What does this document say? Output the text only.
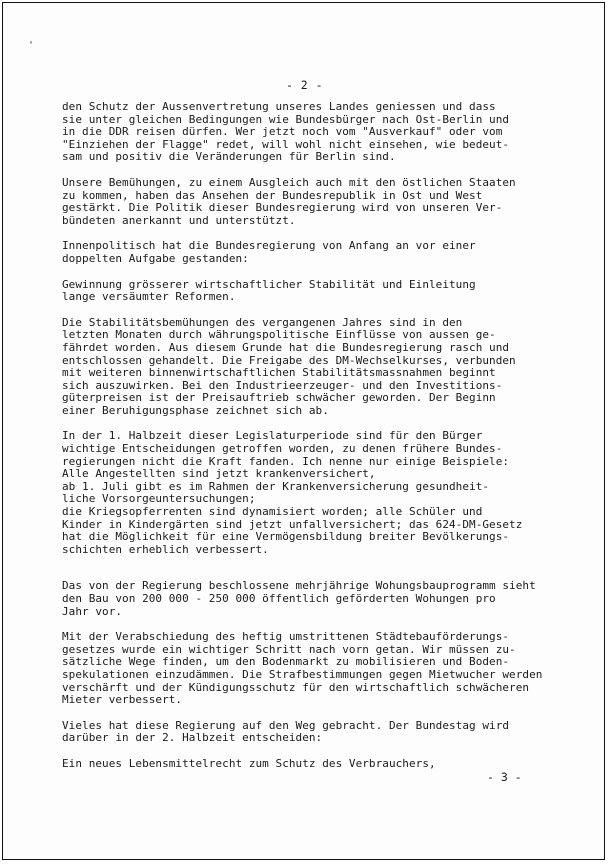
'
- 2 -

den Schutz der Aussenvertretung unseres Landes geniessen und dass
sie unter gleichen Bedingungen wie Bundesbürger nach Ost-Berlin und
in die DDR reisen dürfen. Wer jetzt noch vom "Ausverkauf" oder vom
"Einziehen der Flagge" redet, will wohl nicht einsehen, wie bedeut-
sam und positiv die Veränderungen für Berlin sind.

Unsere Bemühungen, zu einem Ausgleich auch mit den östlichen Staaten
zu kommen, haben das Ansehen der Bundesrepublik in Ost und West
gestärkt. Die Politik dieser Bundesregierung wird von unseren Ver-
bündeten anerkannt und unterstützt.

Innenpolitisch hat die Bundesregierung von Anfang an vor einer
doppelten Aufgabe gestanden:

Gewinnung grösserer wirtschaftlicher Stabilität und Einleitung
lange versäumter Reformen.

Die Stabilitätsbemühungen des vergangenen Jahres sind in den
letzten Monaten durch währungspolitische Einflüsse von aussen ge-
fährdet worden. Aus diesem Grunde hat die Bundesregierung rasch und
entschlossen gehandelt. Die Freigabe des DM-Wechselkurses, verbunden
mit weiteren binnenwirtschaftlichen Stabilitätsmassnahmen beginnt
sich auszuwirken. Bei den Industrieerzeuger- und den Investitions-
güterpreisen ist der Preisauftrieb schwächer geworden. Der Beginn
einer Beruhigungsphase zeichnet sich ab.

In der 1. Halbzeit dieser Legislaturperiode sind für den Bürger
wichtige Entscheidungen getroffen worden, zu denen frühere Bundes-
regierungen nicht die Kraft fanden. Ich nenne nur einige Beispiele:
Alle Angestellten sind jetzt krankenversichert,
ab 1. Juli gibt es im Rahmen der Krankenversicherung gesundheit-
liche Vorsorgeuntersuchungen;
die Kriegsopferrenten sind dynamisiert worden; alle Schüler und
Kinder in Kindergärten sind jetzt unfallversichert; das 624-DM-Gesetz
hat die Möglichkeit für eine Vermögensbildung breiter Bevölkerungs-
schichten erheblich verbessert.

Das von der Regierung beschlossene mehrjährige Wohungsbauprogramm sieht
den Bau von 200 000 - 250 000 öffentlich geförderten Wohungen pro
Jahr vor.

Mit der Verabschiedung des heftig umstrittenen Städtebauförderungs-
gesetzes wurde ein wichtiger Schritt nach vorn getan. Wir müssen zu-
sätzliche Wege finden, um den Bodenmarkt zu mobilisieren und Boden-
spekulationen einzudämmen. Die Strafbestimmungen gegen Mietwucher werden
verschärft und der Kündigungsschutz für den wirtschaftlich schwächeren
Mieter verbessert.

Vieles hat diese Regierung auf den Weg gebracht. Der Bundestag wird
darüber in der 2. Halbzeit entscheiden:

Ein neues Lebensmittelrecht zum Schutz des Verbrauchers,

- 3 -
